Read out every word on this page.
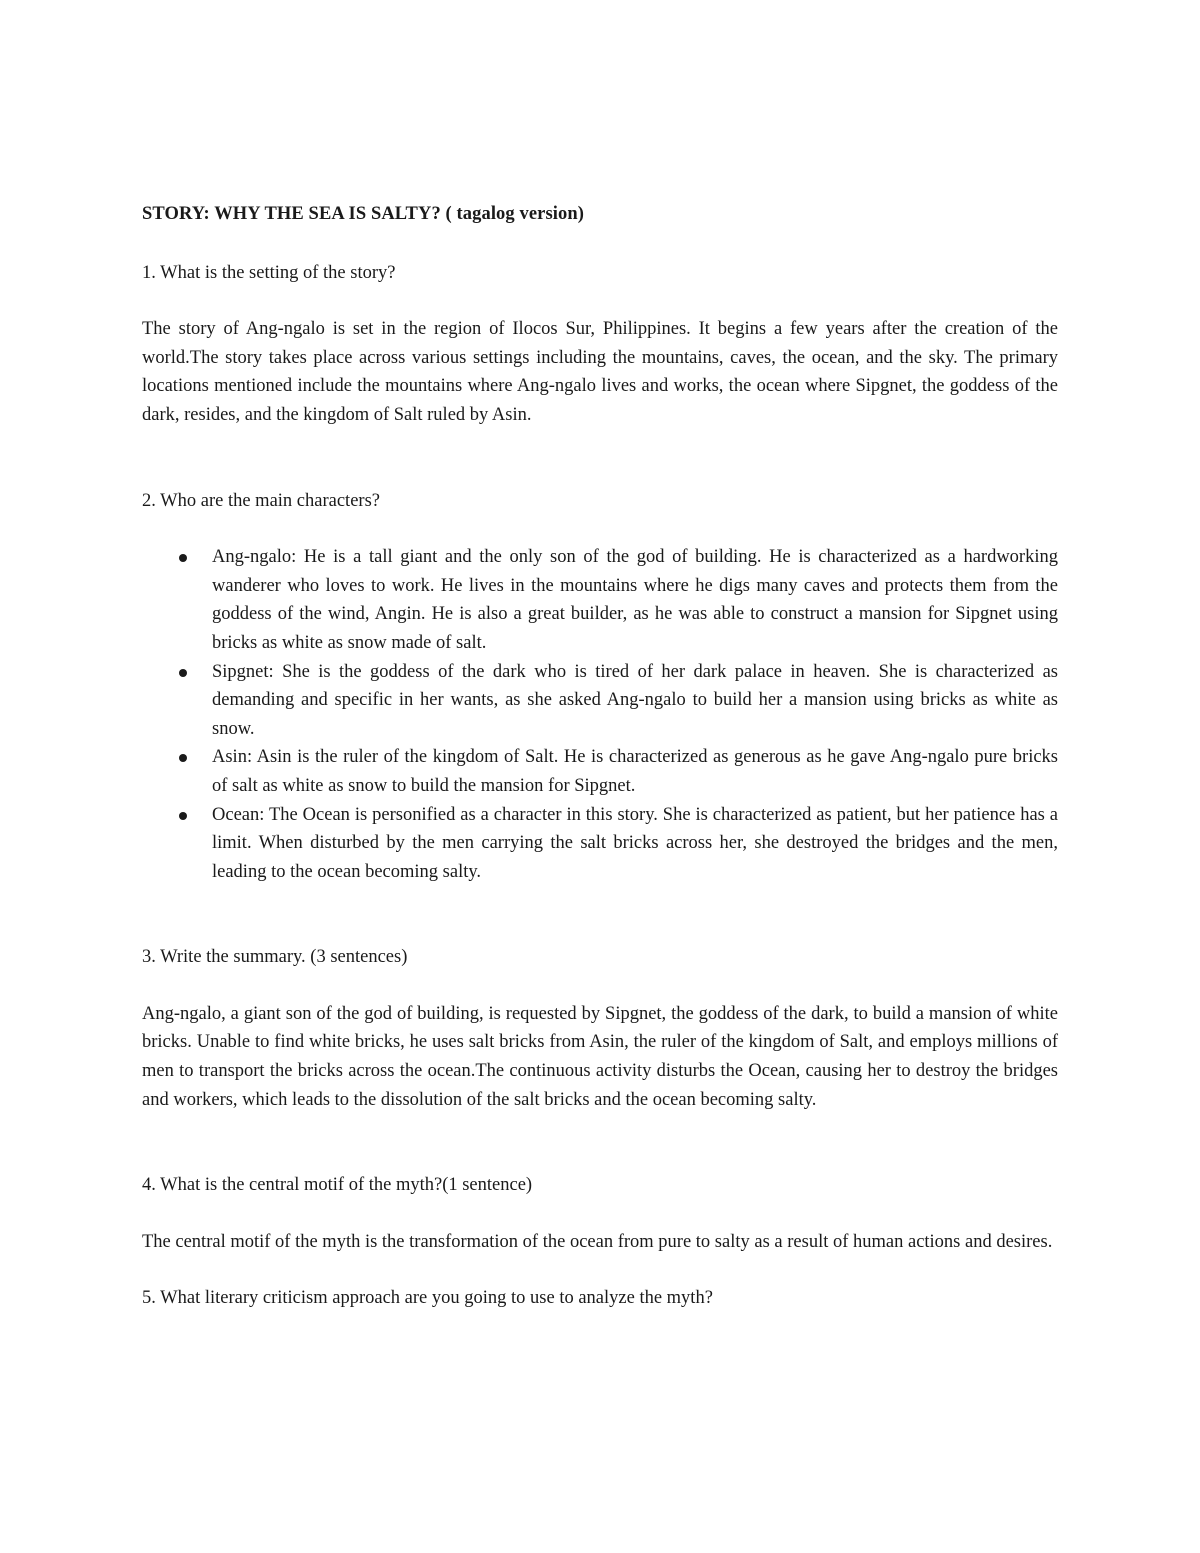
STORY: WHY THE SEA IS SALTY? ( tagalog version)

1. What is the setting of the story?

The story of Ang-ngalo is set in the region of Ilocos Sur, Philippines. It begins a few years after the creation of the world.The story takes place across various settings including the mountains, caves, the ocean, and the sky. The primary locations mentioned include the mountains where Ang-ngalo lives and works, the ocean where Sipgnet, the goddess of the dark, resides, and the kingdom of Salt ruled by Asin.

2. Who are the main characters?

Ang-ngalo: He is a tall giant and the only son of the god of building. He is characterized as a hardworking wanderer who loves to work. He lives in the mountains where he digs many caves and protects them from the goddess of the wind, Angin. He is also a great builder, as he was able to construct a mansion for Sipgnet using bricks as white as snow made of salt.
Sipgnet: She is the goddess of the dark who is tired of her dark palace in heaven. She is characterized as demanding and specific in her wants, as she asked Ang-ngalo to build her a mansion using bricks as white as snow.
Asin: Asin is the ruler of the kingdom of Salt. He is characterized as generous as he gave Ang-ngalo pure bricks of salt as white as snow to build the mansion for Sipgnet.
Ocean: The Ocean is personified as a character in this story. She is characterized as patient, but her patience has a limit. When disturbed by the men carrying the salt bricks across her, she destroyed the bridges and the men, leading to the ocean becoming salty.

3. Write the summary. (3 sentences)

Ang-ngalo, a giant son of the god of building, is requested by Sipgnet, the goddess of the dark, to build a mansion of white bricks. Unable to find white bricks, he uses salt bricks from Asin, the ruler of the kingdom of Salt, and employs millions of men to transport the bricks across the ocean.The continuous activity disturbs the Ocean, causing her to destroy the bridges and workers, which leads to the dissolution of the salt bricks and the ocean becoming salty.

4. What is the central motif of the myth?(1 sentence)

The central motif of the myth is the transformation of the ocean from pure to salty as a result of human actions and desires.

5. What literary criticism approach are you going to use to analyze the myth?
